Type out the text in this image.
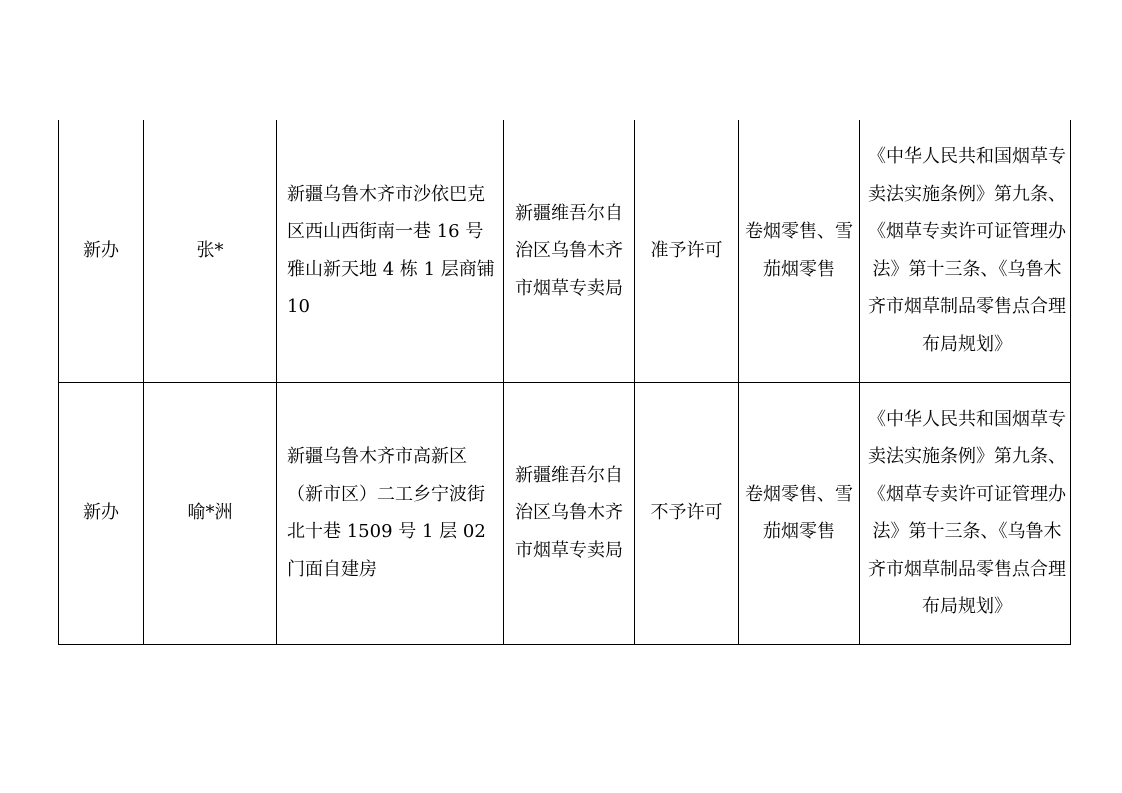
新办	张*	新疆乌鲁木齐市沙依巴克区西山西街南一巷 16 号雅山新天地 4 栋 1 层商铺 10	新疆维吾尔自治区乌鲁木齐市烟草专卖局	准予许可	卷烟零售、雪茄烟零售	《中华人民共和国烟草专卖法实施条例》第九条、《烟草专卖许可证管理办法》第十三条、《乌鲁木齐市烟草制品零售点合理布局规划》

新办	喻*洲	新疆乌鲁木齐市高新区（新市区）二工乡宁波街北十巷 1509 号 1 层 02 门面自建房	新疆维吾尔自治区乌鲁木齐市烟草专卖局	不予许可	卷烟零售、雪茄烟零售	《中华人民共和国烟草专卖法实施条例》第九条、《烟草专卖许可证管理办法》第十三条、《乌鲁木齐市烟草制品零售点合理布局规划》
